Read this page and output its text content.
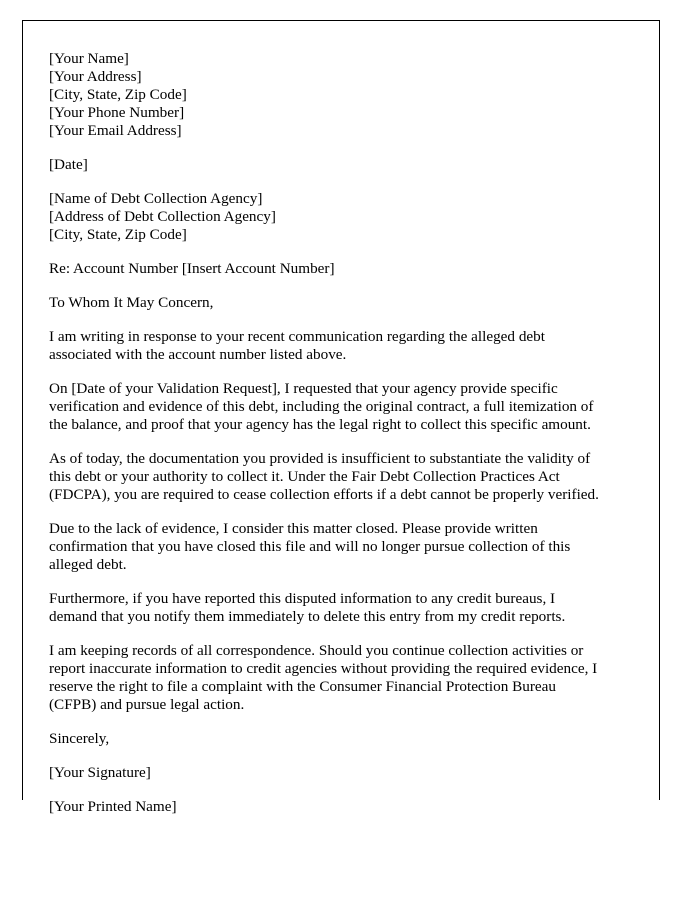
[Your Name]
[Your Address]
[City, State, Zip Code]
[Your Phone Number]
[Your Email Address]
[Date]
[Name of Debt Collection Agency]
[Address of Debt Collection Agency]
[City, State, Zip Code]
Re: Account Number [Insert Account Number]
To Whom It May Concern,
I am writing in response to your recent communication regarding the alleged debt
associated with the account number listed above.
On [Date of your Validation Request], I requested that your agency provide specific
verification and evidence of this debt, including the original contract, a full itemization of
the balance, and proof that your agency has the legal right to collect this specific amount.
As of today, the documentation you provided is insufficient to substantiate the validity of
this debt or your authority to collect it. Under the Fair Debt Collection Practices Act
(FDCPA), you are required to cease collection efforts if a debt cannot be properly verified.
Due to the lack of evidence, I consider this matter closed. Please provide written
confirmation that you have closed this file and will no longer pursue collection of this
alleged debt.
Furthermore, if you have reported this disputed information to any credit bureaus, I
demand that you notify them immediately to delete this entry from my credit reports.
I am keeping records of all correspondence. Should you continue collection activities or
report inaccurate information to credit agencies without providing the required evidence, I
reserve the right to file a complaint with the Consumer Financial Protection Bureau
(CFPB) and pursue legal action.
Sincerely,
[Your Signature]
[Your Printed Name]
